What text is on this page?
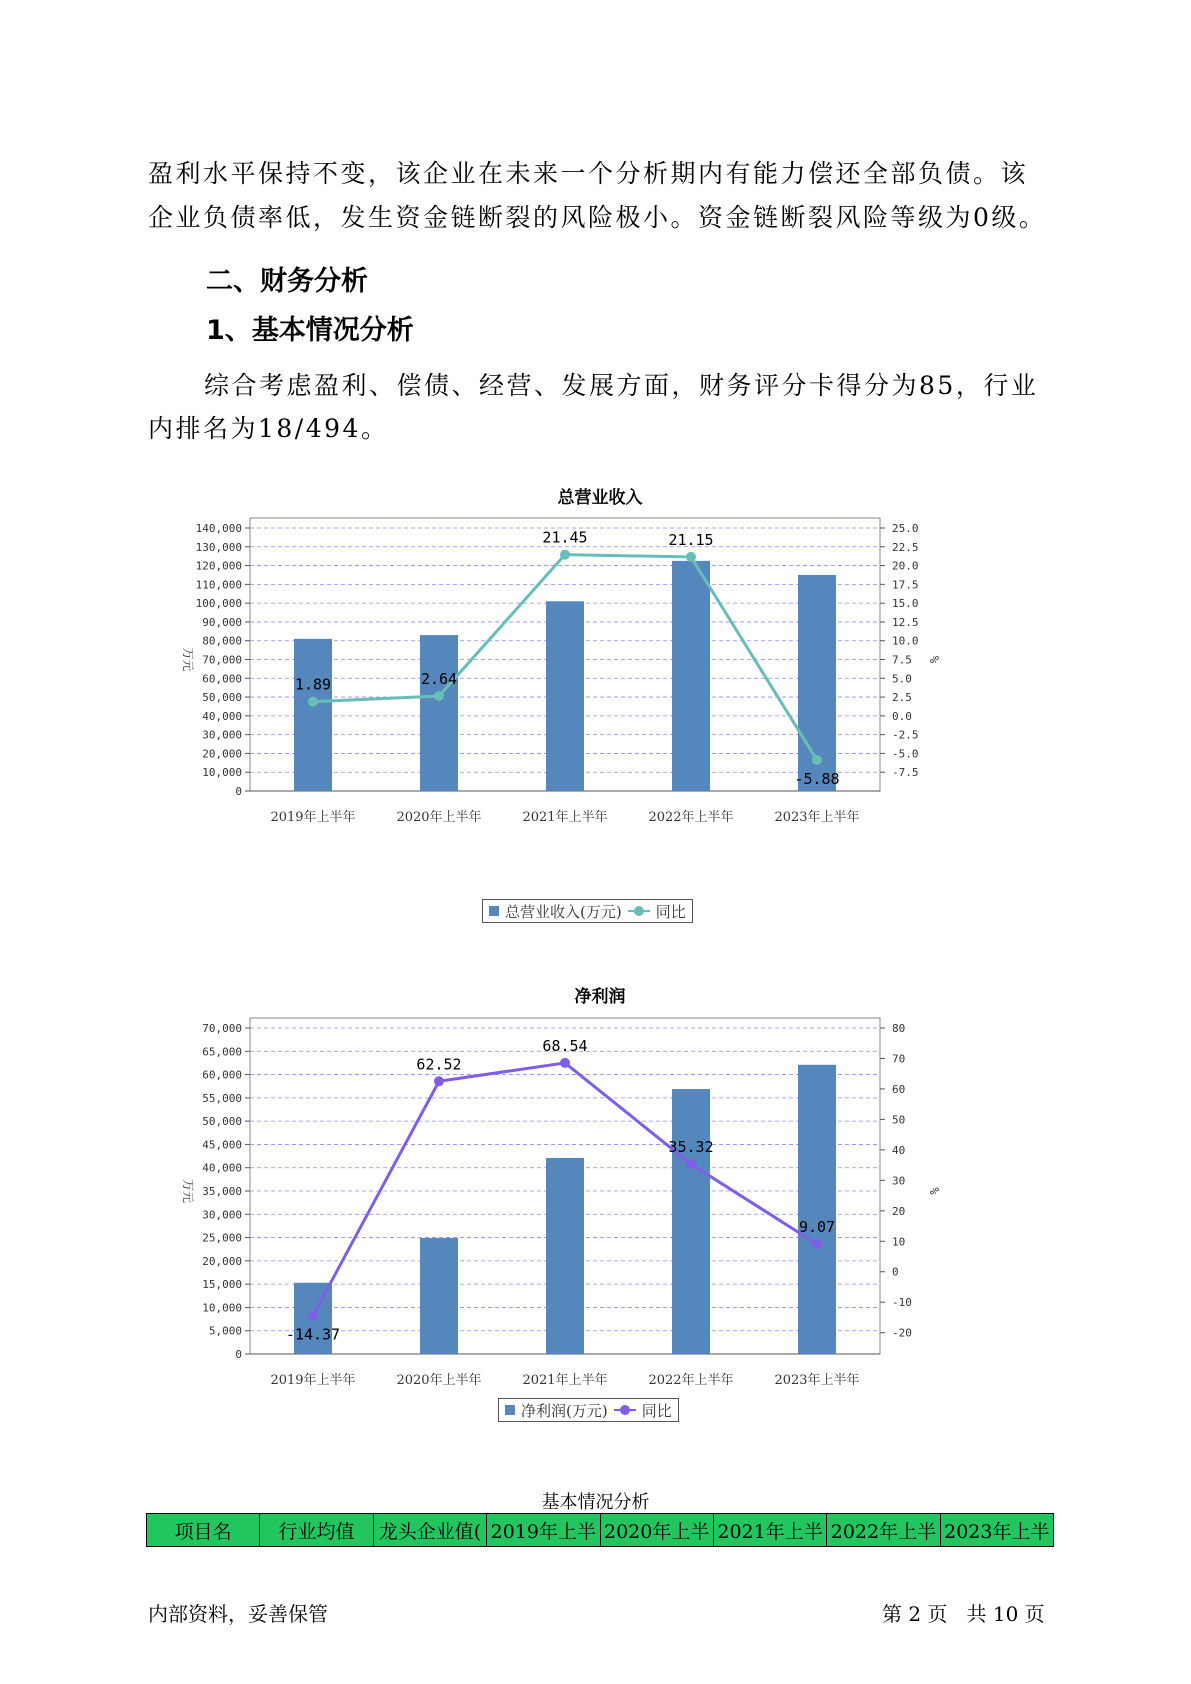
盈利水平保持不变，该企业在未来一个分析期内有能力偿还全部负债。该

企业负债率低，发生资金链断裂的风险极小。资金链断裂风险等级为0级。

二、财务分析
1、基本情况分析

综合考虑盈利、偿债、经营、发展方面，财务评分卡得分为85，行业

内排名为18/494。

总营业收入
0
10,000
20,000
30,000
40,000
50,000
60,000
70,000
80,000
90,000
100,000
110,000
120,000
130,000
140,000
-7.5
-5.0
-2.5
0.0
2.5
5.0
7.5
10.0
12.5
15.0
17.5
20.0
22.5
25.0
万元	%
2019年上半年	2020年上半年	2021年上半年	2022年上半年	2023年上半年
1.89	2.64
21.45	21.15
-5.88
总营业收入(万元) 同比
净利润
0
5,000
10,000
15,000
20,000
25,000
30,000
35,000
40,000
45,000
50,000
55,000
60,000
65,000
70,000
-20
-10
0
10
20
30
40
50
60
70
80
万元	%
2019年上半年	2020年上半年	2021年上半年	2022年上半年	2023年上半年
-14.37
62.52
68.54
35.32
9.07
净利润(万元) 同比
基本情况分析
项目名	行业均值	龙头企业值(	2019年上半	2020年上半	2021年上半	2022年上半	2023年上半
内部资料，妥善保管	第 2 页   共 10 页
